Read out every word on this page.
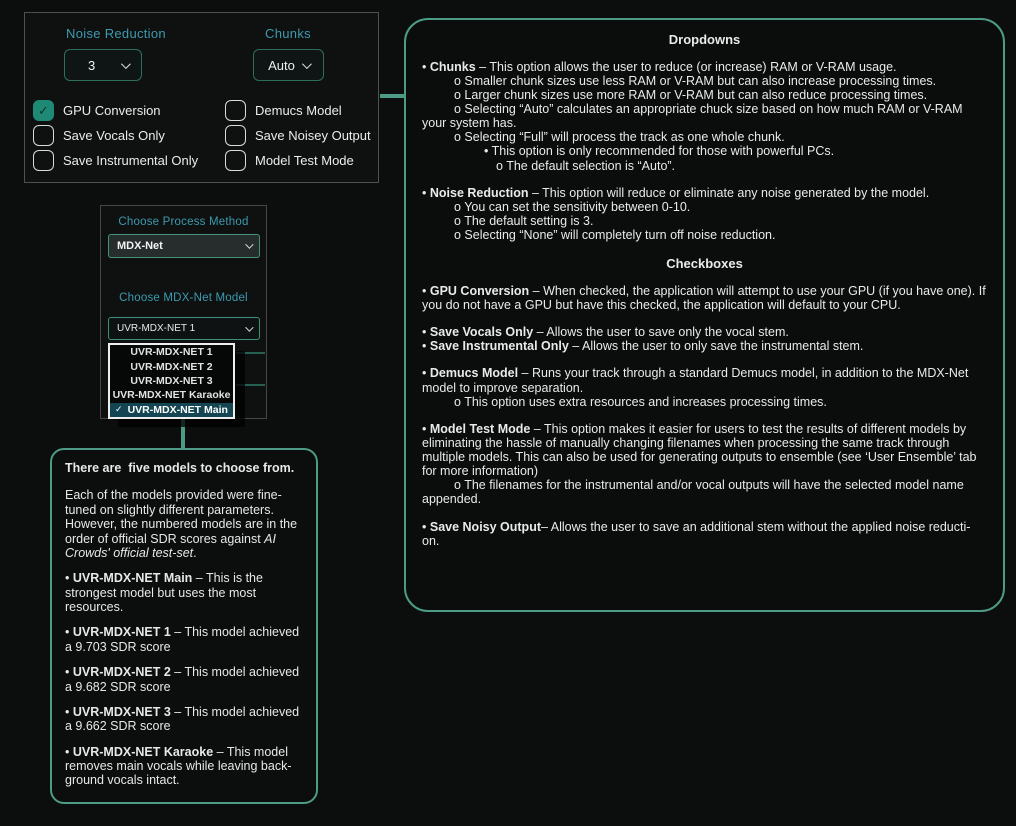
Noise Reduction	Chunks
3	Auto
✓ GPU Conversion
Save Vocals Only
Save Instrumental Only
Demucs Model
Save Noisey Output
Model Test Mode
Choose Process Method
MDX-Net
Choose MDX-Net Model
UVR-MDX-NET 1
UVR-MDX-NET 1
UVR-MDX-NET 2
UVR-MDX-NET 3
UVR-MDX-NET Karaoke
✓ UVR-MDX-NET Main

There are  five models to choose from.

Each of the models provided were fine-tuned on slightly different parameters. However, the numbered models are in the order of official SDR scores against AI Crowds' official test-set.

• UVR-MDX-NET Main – This is the strongest model but uses the most resources.

• UVR-MDX-NET 1 – This model achieved a 9.703 SDR score

• UVR-MDX-NET 2 – This model achieved a 9.682 SDR score

• UVR-MDX-NET 3 – This model achieved a 9.662 SDR score

• UVR-MDX-NET Karaoke – This model removes main vocals while leaving back-ground vocals intact.

Dropdowns

• Chunks – This option allows the user to reduce (or increase) RAM or V-RAM usage.

o Smaller chunk sizes use less RAM or V-RAM but can also increase processing times.

o Larger chunk sizes use more RAM or V-RAM but can also reduce processing times.

o Selecting “Auto” calculates an appropriate chuck size based on how much RAM or V-RAM your system has.

o Selecting “Full” will process the track as one whole chunk.

• This option is only recommended for those with powerful PCs.

o The default selection is “Auto”.

• Noise Reduction – This option will reduce or eliminate any noise generated by the model.

o You can set the sensitivity between 0-10.

o The default setting is 3.

o Selecting “None” will completely turn off noise reduction.

Checkboxes

• GPU Conversion – When checked, the application will attempt to use your GPU (if you have one). If you do not have a GPU but have this checked, the application will default to your CPU.

• Save Vocals Only – Allows the user to save only the vocal stem.

• Save Instrumental Only – Allows the user to only save the instrumental stem.

• Demucs Model – Runs your track through a standard Demucs model, in addition to the MDX-Net model to improve separation.

o This option uses extra resources and increases processing times.

• Model Test Mode – This option makes it easier for users to test the results of different models by eliminating the hassle of manually changing filenames when processing the same track through multiple models. This can also be used for generating outputs to ensemble (see ‘User Ensemble’ tab for more information)

o The filenames for the instrumental and/or vocal outputs will have the selected model name appended.

• Save Noisy Output– Allows the user to save an additional stem without the applied noise reducti-on.
